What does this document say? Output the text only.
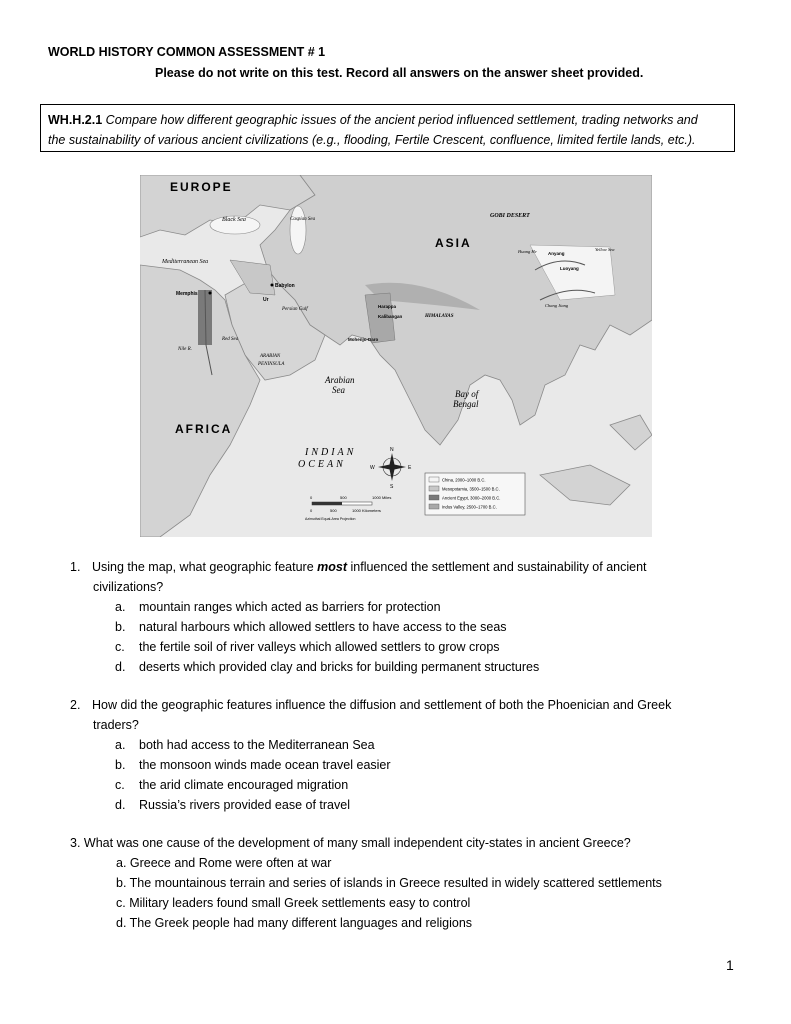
WORLD HISTORY COMMON ASSESSMENT # 1
Please do not write on this test. Record all answers on the answer sheet provided.
WH.H.2.1 Compare how different geographic issues of the ancient period influenced settlement, trading networks and
the sustainability of various ancient civilizations (e.g., flooding, Fertile Crescent, confluence, limited fertile lands, etc.).
EUROPE
ASIA
AFRICA
GOBI DESERT
Black Sea	Caspian Sea
Mediterranean Sea
ARABIAN
PENINSULA
Arabian
Sea	Bay of
Bengal
INDIAN
OCEAN
Memphis
Babylon
Ur
Harappa
Kalibangan
Mohenjo-Daro
HIMALAYAS
Nile R.
Red Sea
Persian Gulf
Anyang
Luoyang
Yellow Sea
Huang He
Chang Jiang
N
S
E
W
0	500	1000 Miles
0	500	1000 Kilometers
Azimuthal Equal-Area Projection
China, 2000–1000 B.C.
Mesopotamia, 3500–1500 B.C.
Ancient Egypt, 3000–2000 B.C.
Indus Valley, 2500–1700 B.C.
1. Using the map, what geographic feature most influenced the settlement and sustainability of ancient
civilizations?
a. mountain ranges which acted as barriers for protection
b. natural harbours which allowed settlers to have access to the seas
c. the fertile soil of river valleys which allowed settlers to grow crops
d. deserts which provided clay and bricks for building permanent structures
2. How did the geographic features influence the diffusion and settlement of both the Phoenician and Greek
traders?
a. both had access to the Mediterranean Sea
b. the monsoon winds made ocean travel easier
c. the arid climate encouraged migration
d. Russia’s rivers provided ease of travel
3. What was one cause of the development of many small independent city-states in ancient Greece?
a. Greece and Rome were often at war
b. The mountainous terrain and series of islands in Greece resulted in widely scattered settlements
c. Military leaders found small Greek settlements easy to control
d. The Greek people had many different languages and religions
1
